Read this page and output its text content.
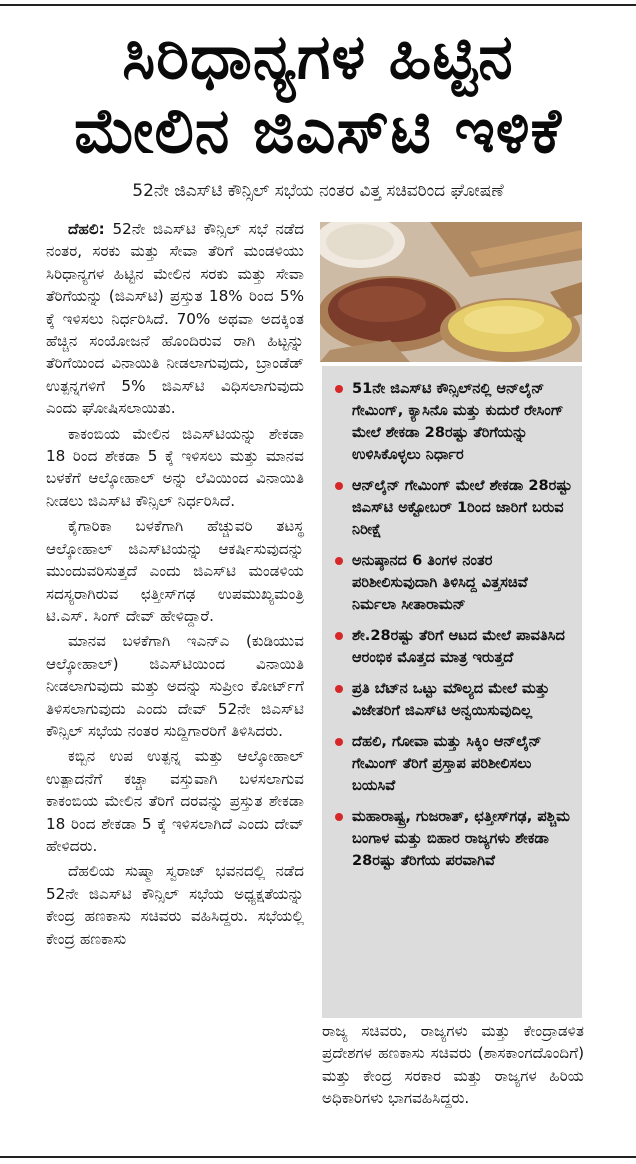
ಸಿರಿಧಾನ್ಯಗಳ ಹಿಟ್ಟಿನ
ಮೇಲಿನ ಜಿಎಸ್‌ಟಿ ಇಳಿಕೆ
52ನೇ ಜಿಎಸ್‌ಟಿ ಕೌನ್ಸಿಲ್‌ ಸಭೆಯ ನಂತರ ವಿತ್ತ ಸಚಿವರಿಂದ ಘೋಷಣೆ

ದೆಹಲಿ: 52ನೇ ಜಿಎಸ್‌ಟಿ ಕೌನ್ಸಿಲ್‌ ಸಭೆ ನಡೆದ ನಂತರ, ಸರಕು ಮತ್ತು ಸೇವಾ ತೆರಿಗೆ ಮಂಡಳಿಯು ಸಿರಿಧಾನ್ಯಗಳ ಹಿಟ್ಟಿನ ಮೇಲಿನ ಸರಕು ಮತ್ತು ಸೇವಾ ತೆರಿಗೆಯನ್ನು (ಜಿಎಸ್‌ಟಿ) ಪ್ರಸ್ತುತ 18% ರಿಂದ 5% ಕ್ಕೆ ಇಳಿಸಲು ನಿರ್ಧರಿಸಿದೆ. 70% ಅಥವಾ ಅದಕ್ಕಿಂತ ಹೆಚ್ಚಿನ ಸಂಯೋಜನೆ ಹೊಂದಿರುವ ರಾಗಿ ಹಿಟ್ಟನ್ನು ತೆರಿಗೆಯಿಂದ ವಿನಾಯಿತಿ ನೀಡಲಾಗುವುದು, ಬ್ರಾಂಡೆಡ್‌ ಉತ್ಪನ್ನಗಳಿಗೆ 5% ಜಿಎಸ್‌ಟಿ ವಿಧಿಸಲಾಗುವುದು ಎಂದು ಘೋಷಿಸಲಾಯಿತು.

ಕಾಕಂಬಿಯ ಮೇಲಿನ ಜಿಎಸ್‌ಟಿಯನ್ನು ಶೇಕಡಾ 18 ರಿಂದ ಶೇಕಡಾ 5 ಕ್ಕೆ ಇಳಿಸಲು ಮತ್ತು ಮಾನವ ಬಳಕೆಗೆ ಆಲ್ಕೋಹಾಲ್‌ ಅನ್ನು ಲೆವಿಯಿಂದ ವಿನಾಯಿತಿ ನೀಡಲು ಜಿಎಸ್‌ಟಿ ಕೌನ್ಸಿಲ್‌ ನಿರ್ಧರಿಸಿದೆ.

ಕೈಗಾರಿಕಾ ಬಳಕೆಗಾಗಿ ಹೆಚ್ಚುವರಿ ತಟಸ್ಥ ಆಲ್ಕೋಹಾಲ್‌ ಜಿಎಸ್‌ಟಿಯನ್ನು ಆಕರ್ಷಿಸುವುದನ್ನು ಮುಂದುವರಿಸುತ್ತದೆ ಎಂದು ಜಿಎಸ್‌ಟಿ ಮಂಡಳಿಯ ಸದಸ್ಯರಾಗಿರುವ ಛತ್ತೀಸ್‌ಗಢ ಉಪಮುಖ್ಯಮಂತ್ರಿ ಟಿ.ಎಸ್‌. ಸಿಂಗ್‌ ದೇವ್‌ ಹೇಳಿದ್ದಾರೆ.

ಮಾನವ ಬಳಕೆಗಾಗಿ ಇಎನ್‌ಎ (ಕುಡಿಯುವ ಆಲ್ಕೋಹಾಲ್‌) ಜಿಎಸ್‌ಟಿಯಿಂದ ವಿನಾಯಿತಿ ನೀಡಲಾಗುವುದು ಮತ್ತು ಅದನ್ನು ಸುಪ್ರೀಂ ಕೋರ್ಟ್‌ಗೆ ತಿಳಿಸಲಾಗುವುದು ಎಂದು ದೇವ್‌ 52ನೇ ಜಿಎಸ್‌ಟಿ ಕೌನ್ಸಿಲ್‌ ಸಭೆಯ ನಂತರ ಸುದ್ದಿಗಾರರಿಗೆ ತಿಳಿಸಿದರು.

ಕಬ್ಬಿನ ಉಪ ಉತ್ಪನ್ನ ಮತ್ತು ಆಲ್ಕೋಹಾಲ್‌ ಉತ್ಪಾದನೆಗೆ ಕಚ್ಚಾ ವಸ್ತುವಾಗಿ ಬಳಸಲಾಗುವ ಕಾಕಂಬಿಯ ಮೇಲಿನ ತೆರಿಗೆ ದರವನ್ನು ಪ್ರಸ್ತುತ ಶೇಕಡಾ 18 ರಿಂದ ಶೇಕಡಾ 5 ಕ್ಕೆ ಇಳಿಸಲಾಗಿದೆ ಎಂದು ದೇವ್‌ ಹೇಳಿದರು.

ದೆಹಲಿಯ ಸುಷ್ಮಾ ಸ್ವರಾಜ್‌ ಭವನದಲ್ಲಿ ನಡೆದ 52ನೇ ಜಿಎಸ್‌ಟಿ ಕೌನ್ಸಿಲ್‌ ಸಭೆಯ ಅಧ್ಯಕ್ಷತೆಯನ್ನು ಕೇಂದ್ರ ಹಣಕಾಸು ಸಚಿವರು ವಹಿಸಿದ್ದರು. ಸಭೆಯಲ್ಲಿ ಕೇಂದ್ರ ಹಣಕಾಸು

51ನೇ ಜಿಎಸ್‌ಟಿ ಕೌನ್ಸಿಲ್‌ನಲ್ಲಿ ಆನ್‌ಲೈನ್‌ ಗೇಮಿಂಗ್‌, ಕ್ಯಾಸಿನೊ ಮತ್ತು ಕುದುರೆ ರೇಸಿಂಗ್‌ ಮೇಲೆ ಶೇಕಡಾ 28ರಷ್ಟು ತೆರಿಗೆಯನ್ನು ಉಳಿಸಿಕೊಳ್ಳಲು ನಿರ್ಧಾರ
ಆನ್‌ಲೈನ್‌ ಗೇಮಿಂಗ್‌ ಮೇಲೆ ಶೇಕಡಾ 28ರಷ್ಟು ಜಿಎಸ್‌ಟಿ ಅಕ್ಟೋಬರ್‌ 1ರಿಂದ ಜಾರಿಗೆ ಬರುವ ನಿರೀಕ್ಷೆ
ಅನುಷ್ಠಾನದ 6 ತಿಂಗಳ ನಂತರ ಪರಿಶೀಲಿಸುವುದಾಗಿ ತಿಳಿಸಿದ್ದ ವಿತ್ತಸಚಿವೆ ನಿರ್ಮಲಾ ಸೀತಾರಾಮನ್‌
ಶೇ.28ರಷ್ಟು ತೆರಿಗೆ ಆಟದ ಮೇಲೆ ಪಾವತಿಸಿದ ಆರಂಭಿಕ ಮೊತ್ತದ ಮಾತ್ರ ಇರುತ್ತದೆ
ಪ್ರತಿ ಬೆಟ್‌ನ ಒಟ್ಟು ಮೌಲ್ಯದ ಮೇಲೆ ಮತ್ತು ವಿಜೇತರಿಗೆ ಜಿಎಸ್‌ಟಿ ಅನ್ವಯಿಸುವುದಿಲ್ಲ
ದೆಹಲಿ, ಗೋವಾ ಮತ್ತು ಸಿಕ್ಕಿಂ ಆನ್‌ಲೈನ್‌ ಗೇಮಿಂಗ್‌ ತೆರಿಗೆ ಪ್ರಸ್ತಾಪ ಪರಿಶೀಲಿಸಲು ಬಯಸಿವೆ
ಮಹಾರಾಷ್ಟ್ರ, ಗುಜರಾತ್‌, ಛತ್ತೀಸ್‌ಗಢ, ಪಶ್ಚಿಮ ಬಂಗಾಳ ಮತ್ತು ಬಿಹಾರ ರಾಜ್ಯಗಳು ಶೇಕಡಾ 28ರಷ್ಟು ತೆರಿಗೆಯ ಪರವಾಗಿವೆ

ರಾಜ್ಯ ಸಚಿವರು, ರಾಜ್ಯಗಳು ಮತ್ತು ಕೇಂದ್ರಾಡಳಿತ ಪ್ರದೇಶಗಳ ಹಣಕಾಸು ಸಚಿವರು (ಶಾಸಕಾಂಗದೊಂದಿಗೆ) ಮತ್ತು ಕೇಂದ್ರ ಸರಕಾರ ಮತ್ತು ರಾಜ್ಯಗಳ ಹಿರಿಯ ಅಧಿಕಾರಿಗಳು ಭಾಗವಹಿಸಿದ್ದರು.
